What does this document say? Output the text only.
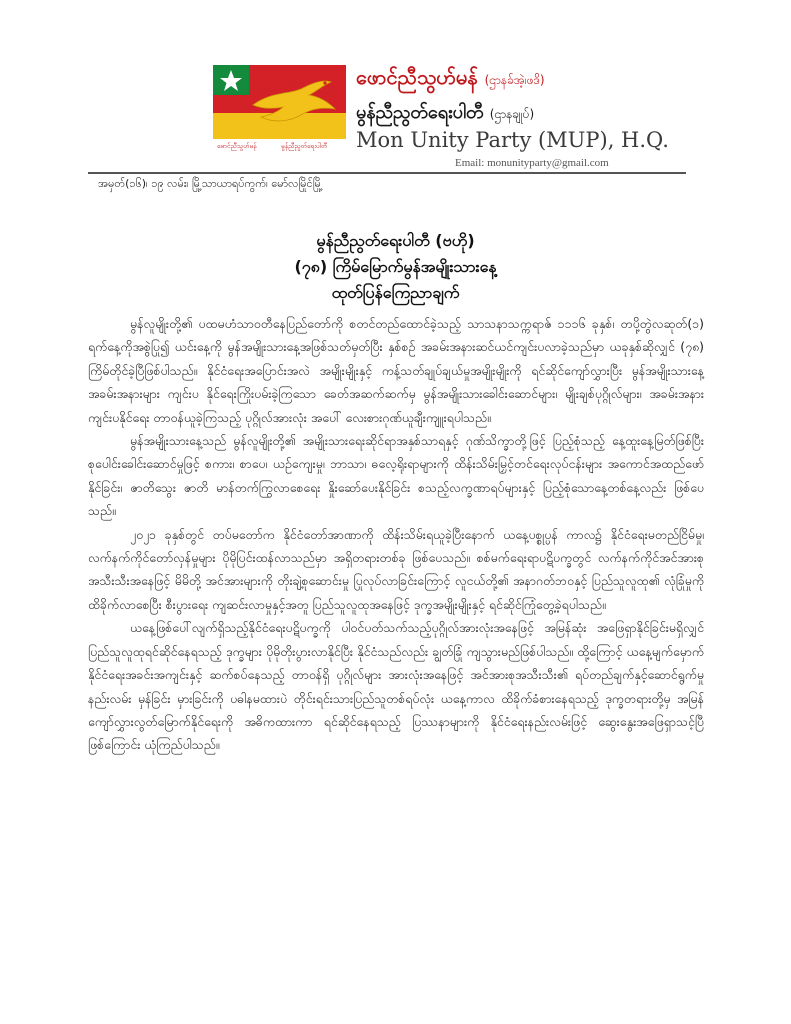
ဖောင်ညီသွဟ်မန်	မွန်ညီညွတ်ရေးပါတီ
ဖောင်ညီသွဟ်မန် (ဌာနခ်အဲ့၊ဖဒိ)
မွန်ညီညွတ်ရေးပါတီ (ဌာနချုပ်)
Mon Unity Party (MUP), H.Q.
Email: monunityparty@gmail.com
အမှတ်(၁၆)၊ ၁၉ လမ်း၊ မြို့သာယာရပ်ကွက်၊ မော်လမြိုင်မြို့
မွန်ညီညွတ်ရေးပါတီ (ဗဟို)
(၇၈) ကြိမ်မြောက်မွန်အမျိုးသားနေ့
ထုတ်ပြန်ကြေညာချက်

မွန်လူမျိုးတို့၏ ပထမဟံသာဝတီနေပြည်တော်ကို စတင်တည်ထောင်ခဲ့သည့် သာသနာသက္ကရာဇ် ၁၁၁၆ ခုနှစ်၊ တပို့တွဲလဆုတ်(၁) ရက်နေ့ကိုအစွဲပြု၍ ယင်းနေ့ကို မွန်အမျိုးသားနေ့အဖြစ်သတ်မှတ်ပြီး နှစ်စဉ် အခမ်းအနားဆင်ယင်ကျင်းပလာခဲ့သည်မှာ ယခုနှစ်ဆိုလျှင် (၇၈) ကြိမ်တိုင်ခဲ့ပြီဖြစ်ပါသည်။ နိုင်ငံရေးအပြောင်းအလဲ အမျိုးမျိုးနှင့် ကန့်သတ်ချုပ်ချယ်မှုအမျိုးမျိုးကို ရင်ဆိုင်ကျော်လွှားပြီး မွန်အမျိုးသားနေ့အခမ်းအနားများ ကျင်းပ နိုင်ရေးကြိုးပမ်းခဲ့ကြသော ခေတ်အဆက်ဆက်မှ မွန်အမျိုးသားခေါင်းဆောင်များ၊ မျိုးချစ်ပုဂ္ဂိုလ်များ၊ အခမ်းအနား ကျင်းပနိုင်ရေး တာဝန်ယူခဲ့ကြသည့် ပုဂ္ဂိုလ်အားလုံး အပေါ် လေးစားဂုဏ်ယူချီးကျူးရပါသည်။

မွန်အမျိုးသားနေ့သည် မွန်လူမျိုးတို့၏ အမျိုးသားရေးဆိုင်ရာအနှစ်သာရနှင့် ဂုဏ်သိက္ခာတို့ဖြင့် ပြည့်စုံသည့် နေ့ထူးနေ့မြတ်ဖြစ်ပြီး စုပေါင်းခေါင်းဆောင်မှုဖြင့် စကား၊ စာပေ၊ ယဉ်ကျေးမှု၊ ဘာသာ၊ ဓလေ့ရိုးရာများကို ထိန်းသိမ်းမြှင့်တင်ရေးလုပ်ငန်းများ အကောင်အထည်ဖော်နိုင်ခြင်း၊ ဇာတိသွေး ဇာတိ မာန်တက်ကြွလာစေရေး နှိုးဆော်ပေးနိုင်ခြင်း စသည့်လက္ခဏာရပ်များနှင့် ပြည့်စုံသောနေ့တစ်နေ့လည်း ဖြစ်ပေသည်။

၂၀၂၁ ခုနှစ်တွင် တပ်မတော်က နိုင်ငံတော်အာဏာကို ထိန်းသိမ်းရယူခဲ့ပြီးနောက် ယနေ့ပစ္စုပ္ပန် ကာလ၌ နိုင်ငံရေးမတည်ငြိမ်မှု၊ လက်နက်ကိုင်တော်လှန်မှုများ ပိုမိုပြင်းထန်လာသည်မှာ အရှိတရားတစ်ခု ဖြစ်ပေသည်။ စစ်မက်ရေးရာပဋိပက္ခတွင် လက်နက်ကိုင်အင်အားစုအသီးသီးအနေဖြင့် မိမိတို့ အင်အားများကို တိုးချဲ့စုဆောင်းမှု ပြုလုပ်လာခြင်းကြောင့် လူငယ်တို့၏ အနာဂတ်ဘဝနှင့် ပြည်သူလူထု၏ လုံခြုံမှုကို ထိခိုက်လာစေပြီး စီးပွားရေး ကျဆင်းလာမှုနှင့်အတူ ပြည်သူလူထုအနေဖြင့် ဒုက္ခအမျိုးမျိုးနှင့် ရင်ဆိုင်ကြုံတွေ့ခဲ့ရပါသည်။

ယနေ့ဖြစ်ပေါ်လျက်ရှိသည့်နိုင်ငံရေးပဋိပက္ခကို ပါဝင်ပတ်သက်သည့်ပုဂ္ဂိုလ်အားလုံးအနေဖြင့် အမြန်ဆုံး အဖြေရှာနိုင်ခြင်းမရှိလျှင် ပြည်သူလူထုရင်ဆိုင်နေရသည့် ဒုက္ခများ ပိုမိုတိုးပွားလာနိုင်ပြီး နိုင်ငံသည်လည်း ချွတ်ခြုံ ကျသွားမည်ဖြစ်ပါသည်။ ထို့ကြောင့် ယနေ့မျက်မှောက်နိုင်ငံရေးအခင်းအကျင်းနှင့် ဆက်စပ်နေသည့် တာဝန်ရှိ ပုဂ္ဂိုလ်များ အားလုံးအနေဖြင့် အင်အားစုအသီးသီး၏ ရပ်တည်ချက်နှင့်ဆောင်ရွက်မှုနည်းလမ်း မှန်ခြင်း မှားခြင်းကို ပဓါနမထားပဲ တိုင်းရင်းသားပြည်သူတစ်ရပ်လုံး ယနေ့ကာလ ထိခိုက်ခံစားနေရသည့် ဒုက္ခတရားတို့မှ အမြန် ကျော်လွှားလွတ်မြောက်နိုင်ရေးကို အဓိကထားကာ ရင်ဆိုင်နေရသည့် ပြဿနာများကို နိုင်ငံရေးနည်းလမ်းဖြင့် ဆွေးနွေးအဖြေရှာသင့်ပြီဖြစ်ကြောင်း ယုံကြည်ပါသည်။
